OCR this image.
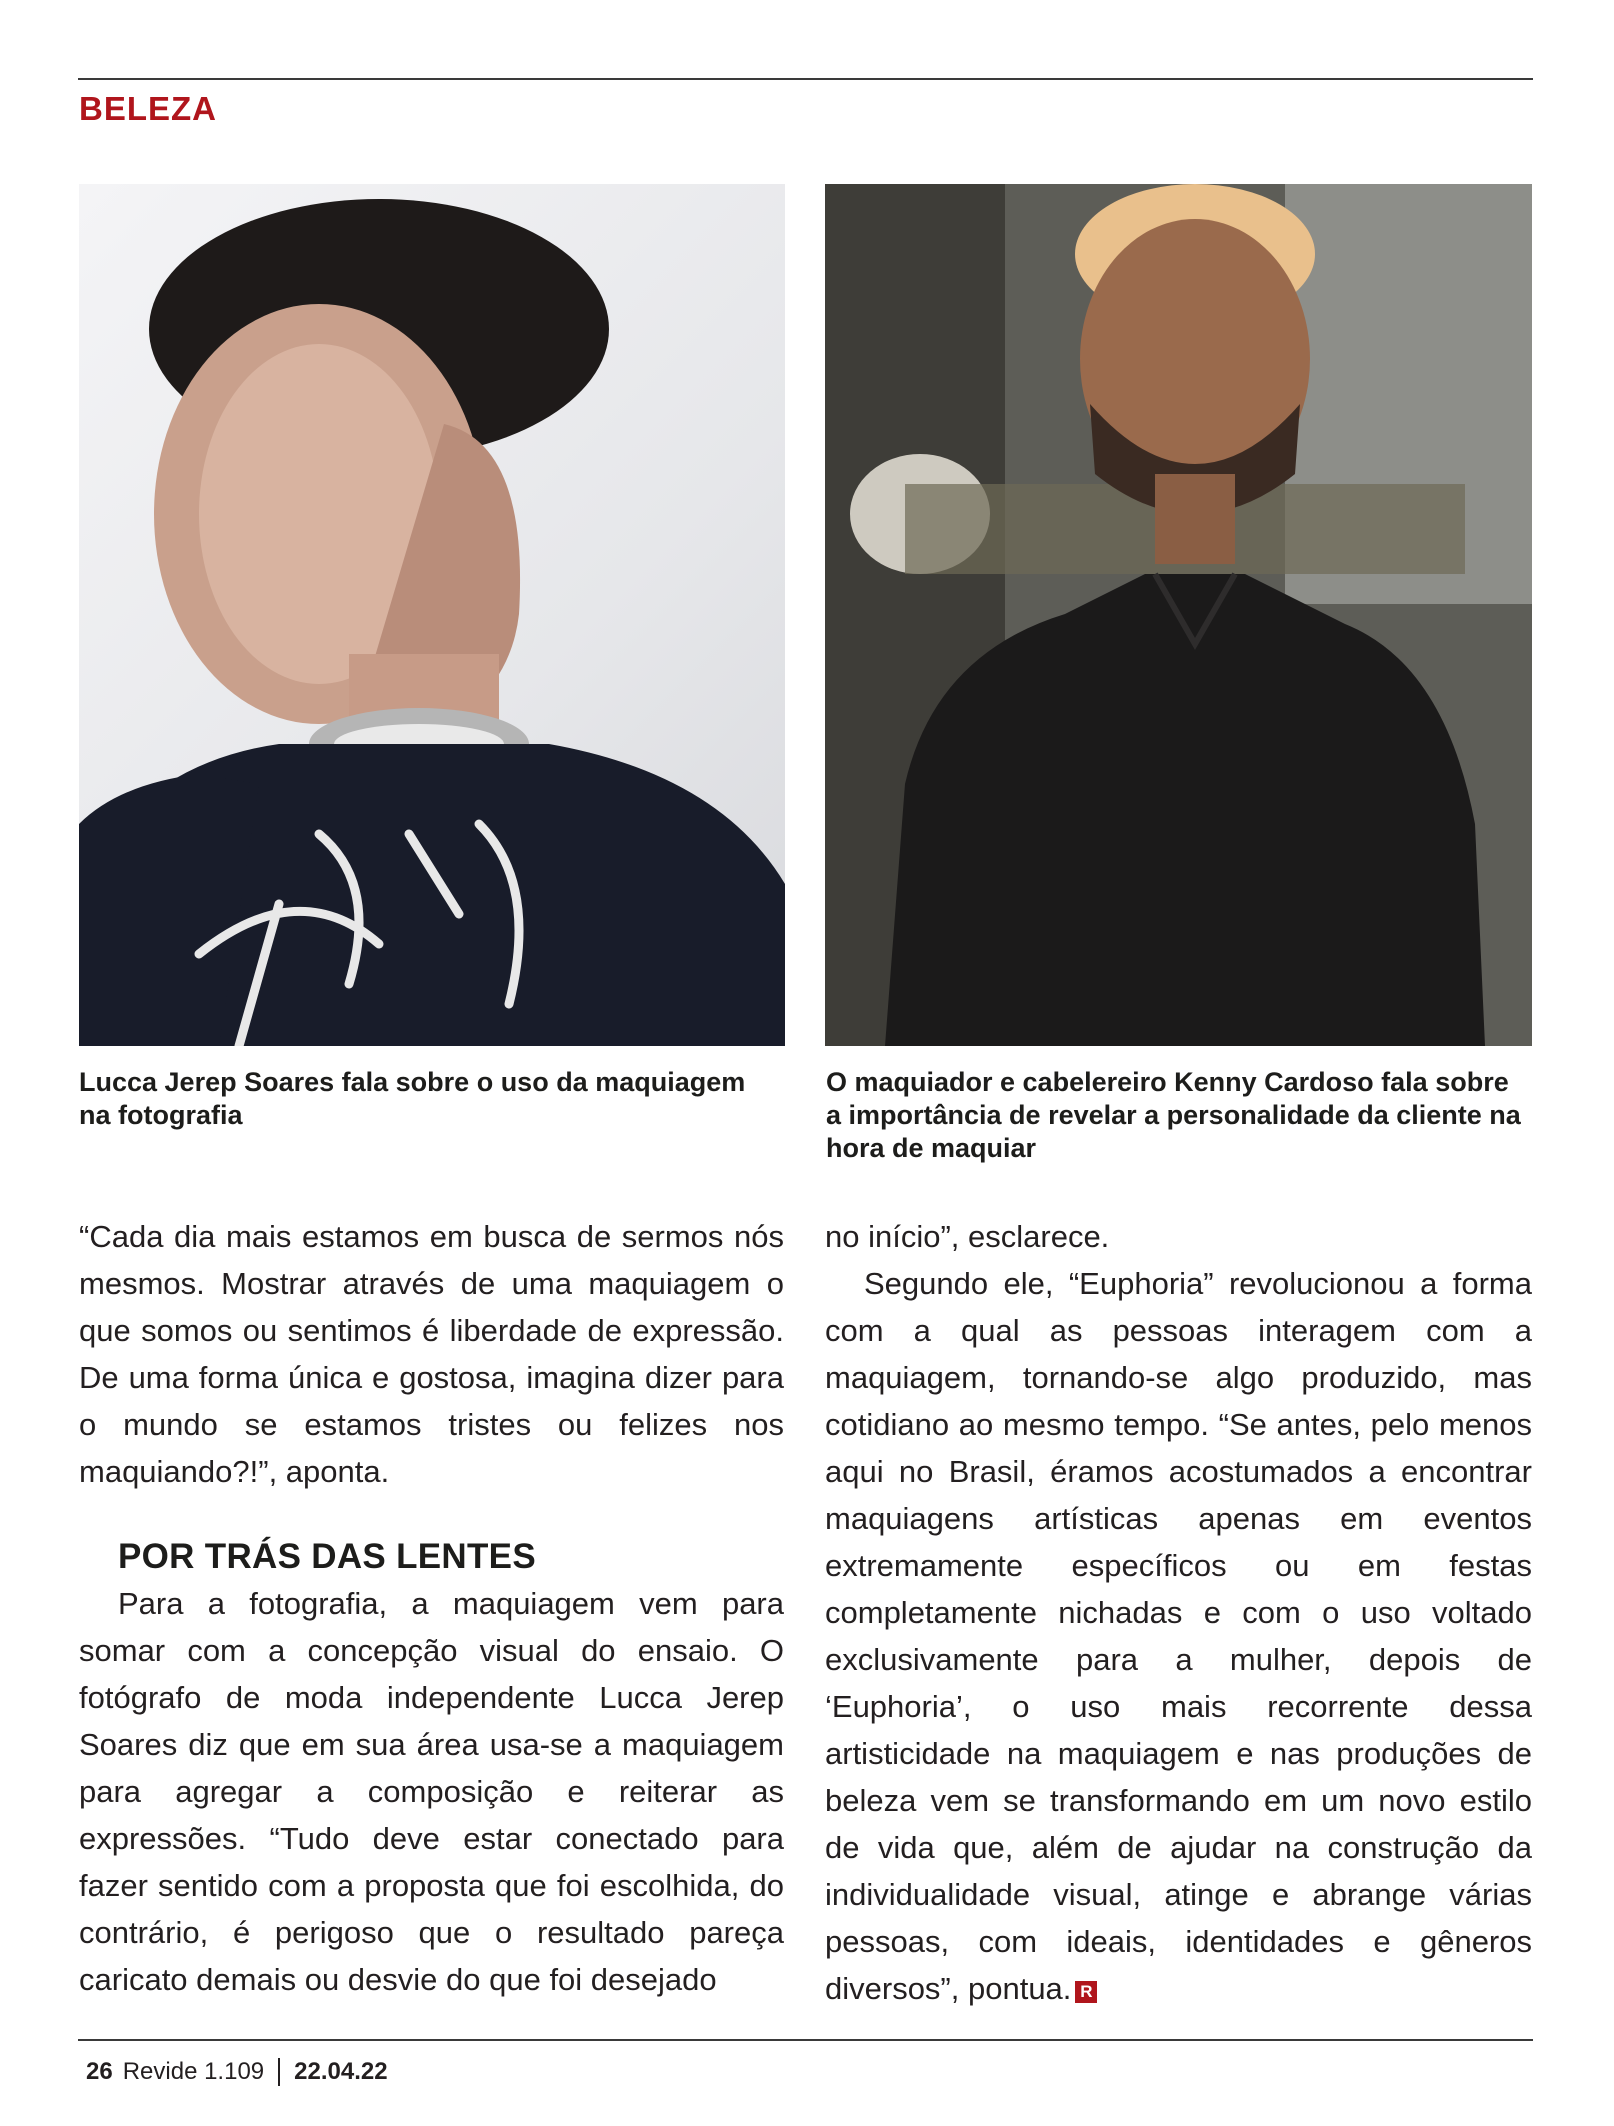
BELEZA
Lucca Jerep Soares fala sobre o uso da maquiagem na fotografia
O maquiador e cabelereiro Kenny Cardoso fala sobre a importância de revelar a personalidade da cliente na hora de maquiar

“Cada dia mais estamos em busca de sermos nós mesmos. Mostrar através de uma maquiagem o que somos ou sentimos é liberdade de expressão. De uma forma única e gostosa, imagina dizer para o mundo se estamos tristes ou felizes nos maquiando?!”, aponta.

POR TRÁS DAS LENTES

Para a fotografia, a maquiagem vem para somar com a concepção visual do ensaio. O fotógrafo de moda independente Lucca Jerep Soares diz que em sua área usa-se a maquiagem para agregar a composição e reiterar as expressões. “Tudo deve estar conectado para fazer sentido com a proposta que foi escolhida, do contrário, é perigoso que o resultado pareça caricato demais ou desvie do que foi desejado

no início”, esclarece.

Segundo ele, “Euphoria” revolucionou a forma com a qual as pessoas interagem com a maquiagem, tornando-se algo produzido, mas cotidiano ao mesmo tempo. “Se antes, pelo menos aqui no Brasil, éramos acostumados a encontrar maquiagens artísticas apenas em eventos extremamente específicos ou em festas completamente nichadas e com o uso voltado exclusivamente para a mulher, depois de ‘Euphoria’, o uso mais recorrente dessa artisticidade na maquiagem e nas produções de beleza vem se transformando em um novo estilo de vida que, além de ajudar na construção da individualidade visual, atinge e abrange várias pessoas, com ideais, identidades e gêneros diversos”, pontua. R

26 Revide 1.109 22.04.22
